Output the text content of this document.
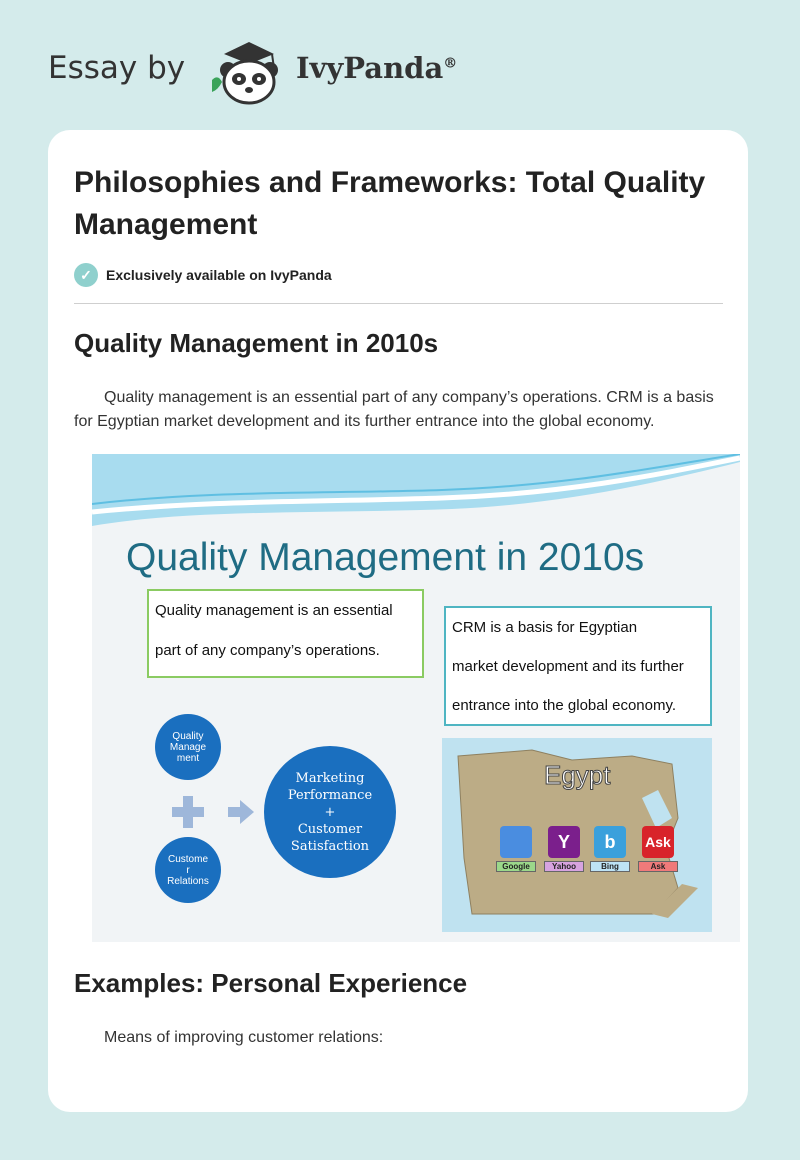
Essay by	IvyPanda®
Philosophies and Frameworks: Total Quality Management
✓	Exclusively available on IvyPanda
Quality Management in 2010s

Quality management is an essential part of any company’s operations. CRM is a basis for Egyptian market development and its further entrance into the global economy.

Quality Management in 2010s
Quality management is an essential
part of any company’s operations.
CRM is a basis for Egyptian
market development and its further
entrance into the global economy.
Quality
Manage
ment
Custome
r
Relations
Marketing
Performance
+
Customer
Satisfaction
Egypt
Google
Y
Yahoo
b
Bing
Ask
Ask
Examples: Personal Experience

Means of improving customer relations:
